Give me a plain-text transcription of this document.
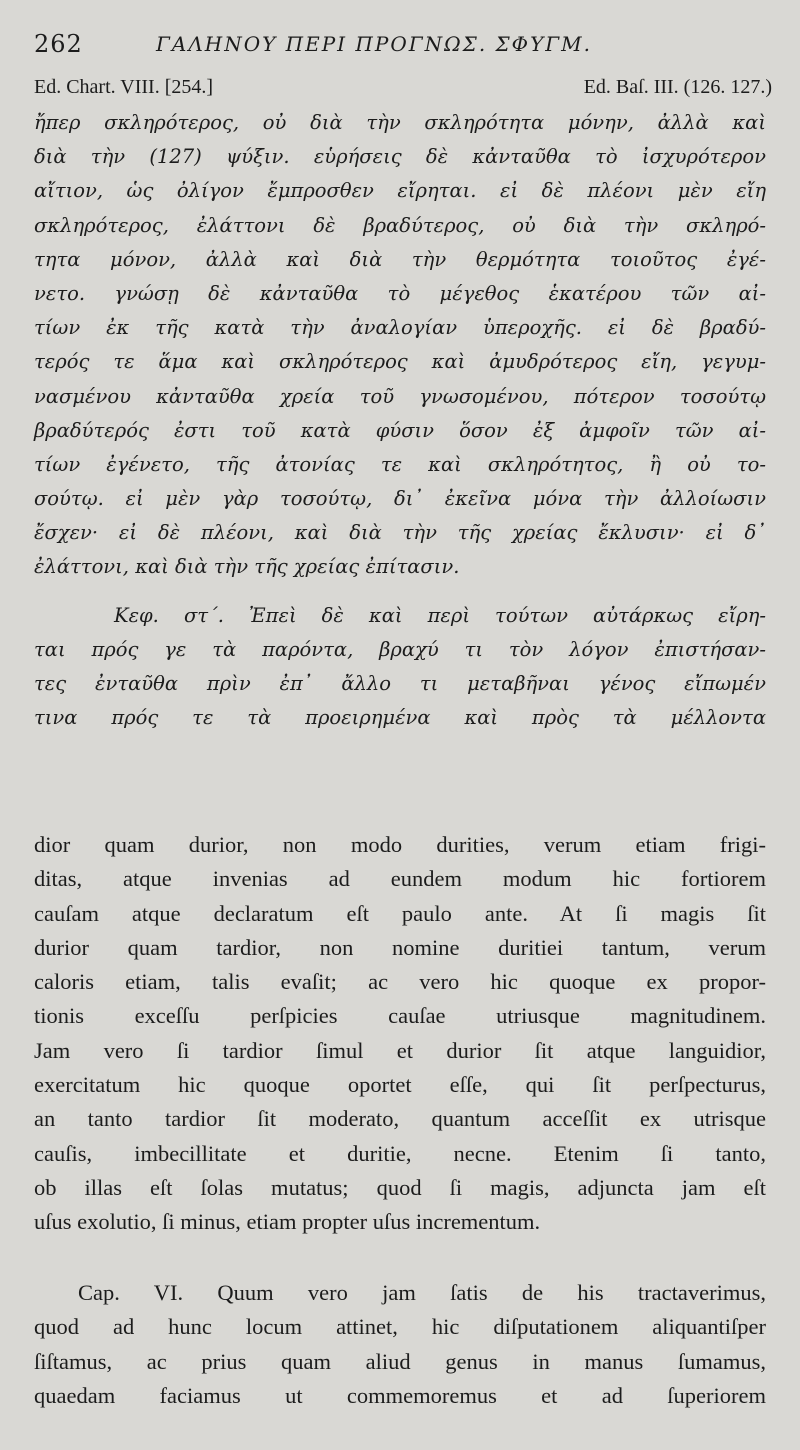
262	ΓΑΛΗΝΟΥ ΠΕΡΙ ΠΡΟΓΝΩΣ. ΣΦΥΓΜ.
Ed. Chart. VIII. [254.]	Ed. Baſ. III. (126. 127.)
ἤπερ σκληρότερος, οὐ διὰ τὴν σκληρότητα μόνην, ἀλλὰ καὶ
διὰ τὴν (127) ψύξιν. εὑρήσεις δὲ κἀνταῦθα τὸ ἰσχυρότερον
αἴτιον, ὡς ὀλίγον ἔμπροσθεν εἴρηται. εἰ δὲ πλέονι μὲν εἴη
σκληρότερος, ἐλάττονι δὲ βραδύτερος, οὐ διὰ τὴν σκληρό-
τητα μόνον, ἀλλὰ καὶ διὰ τὴν θερμότητα τοιοῦτος ἐγέ-
νετο. γνώσῃ δὲ κἀνταῦθα τὸ μέγεθος ἑκατέρου τῶν αἰ-
τίων ἐκ τῆς κατὰ τὴν ἀναλογίαν ὑπεροχῆς. εἰ δὲ βραδύ-
τερός τε ἅμα καὶ σκληρότερος καὶ ἀμυδρότερος εἴη, γεγυμ-
νασμένου κἀνταῦθα χρεία τοῦ γνωσομένου, πότερον τοσούτῳ
βραδύτερός ἐστι τοῦ κατὰ φύσιν ὅσον ἐξ ἀμφοῖν τῶν αἰ-
τίων ἐγένετο, τῆς ἀτονίας τε καὶ σκληρότητος, ἢ οὐ το-
σούτῳ. εἰ μὲν γὰρ τοσούτῳ, δι᾽ ἐκεῖνα μόνα τὴν ἀλλοίωσιν
ἔσχεν· εἰ δὲ πλέονι, καὶ διὰ τὴν τῆς χρείας ἔκλυσιν· εἰ δ᾽
ἐλάττονι, καὶ διὰ τὴν τῆς χρείας ἐπίτασιν.
Κεφ. στ΄. Ἐπεὶ δὲ καὶ περὶ τούτων αὐτάρκως εἴρη-
ται πρός γε τὰ παρόντα, βραχύ τι τὸν λόγον ἐπιστήσαν-
τες ἐνταῦθα πρὶν ἐπ᾽ ἄλλο τι μεταβῆναι γένος εἴπωμέν
τινα πρός τε τὰ προειρημένα καὶ πρὸς τὰ μέλλοντα
dior quam durior, non modo durities, verum etiam frigi-
ditas, atque invenias ad eundem modum hic fortiorem
cauſam atque declaratum eſt paulo ante. At ſi magis ſit
durior quam tardior, non nomine duritiei tantum, verum
caloris etiam, talis evaſit; ac vero hic quoque ex propor-
tionis exceſſu perſpicies cauſae utriusque magnitudinem.
Jam vero ſi tardior ſimul et durior ſit atque languidior,
exercitatum hic quoque oportet eſſe, qui ſit perſpecturus,
an tanto tardior ſit moderato, quantum acceſſit ex utrisque
cauſis, imbecillitate et duritie, necne. Etenim ſi tanto,
ob illas eſt ſolas mutatus; quod ſi magis, adjuncta jam eſt
uſus exolutio, ſi minus, etiam propter uſus incrementum.
Cap. VI. Quum vero jam ſatis de his tractaverimus,
quod ad hunc locum attinet, hic diſputationem aliquantiſper
ſiſtamus, ac prius quam aliud genus in manus ſumamus,
quaedam faciamus ut commemoremus et ad ſuperiorem
